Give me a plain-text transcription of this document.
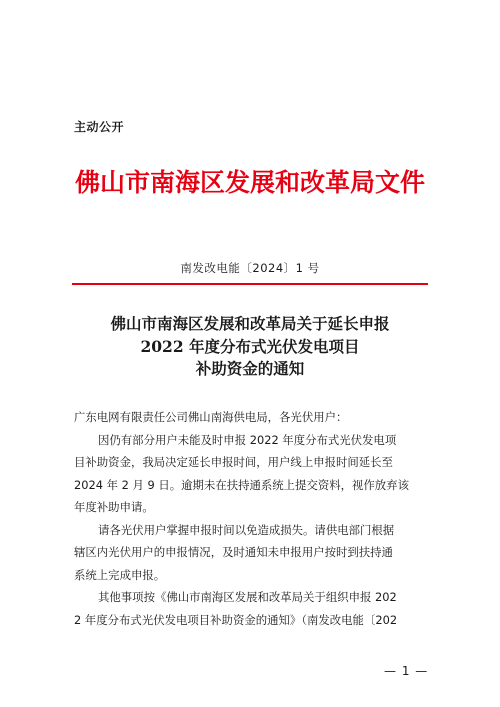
主动公开
佛山市南海区发展和改革局文件
南发改电能〔2024〕1 号
佛山市南海区发展和改革局关于延长申报
2022 年度分布式光伏发电项目
补助资金的通知
广东电网有限责任公司佛山南海供电局，各光伏用户：
因仍有部分用户未能及时申报 2022 年度分布式光伏发电项
目补助资金，我局决定延长申报时间，用户线上申报时间延长至
2024 年 2 月 9 日。逾期未在扶持通系统上提交资料，视作放弃该
年度补助申请。
请各光伏用户掌握申报时间以免造成损失。请供电部门根据
辖区内光伏用户的申报情况，及时通知未申报用户按时到扶持通
系统上完成申报。
其他事项按《佛山市南海区发展和改革局关于组织申报 202
2 年度分布式光伏发电项目补助资金的通知》（南发改电能〔202
— 1 —
